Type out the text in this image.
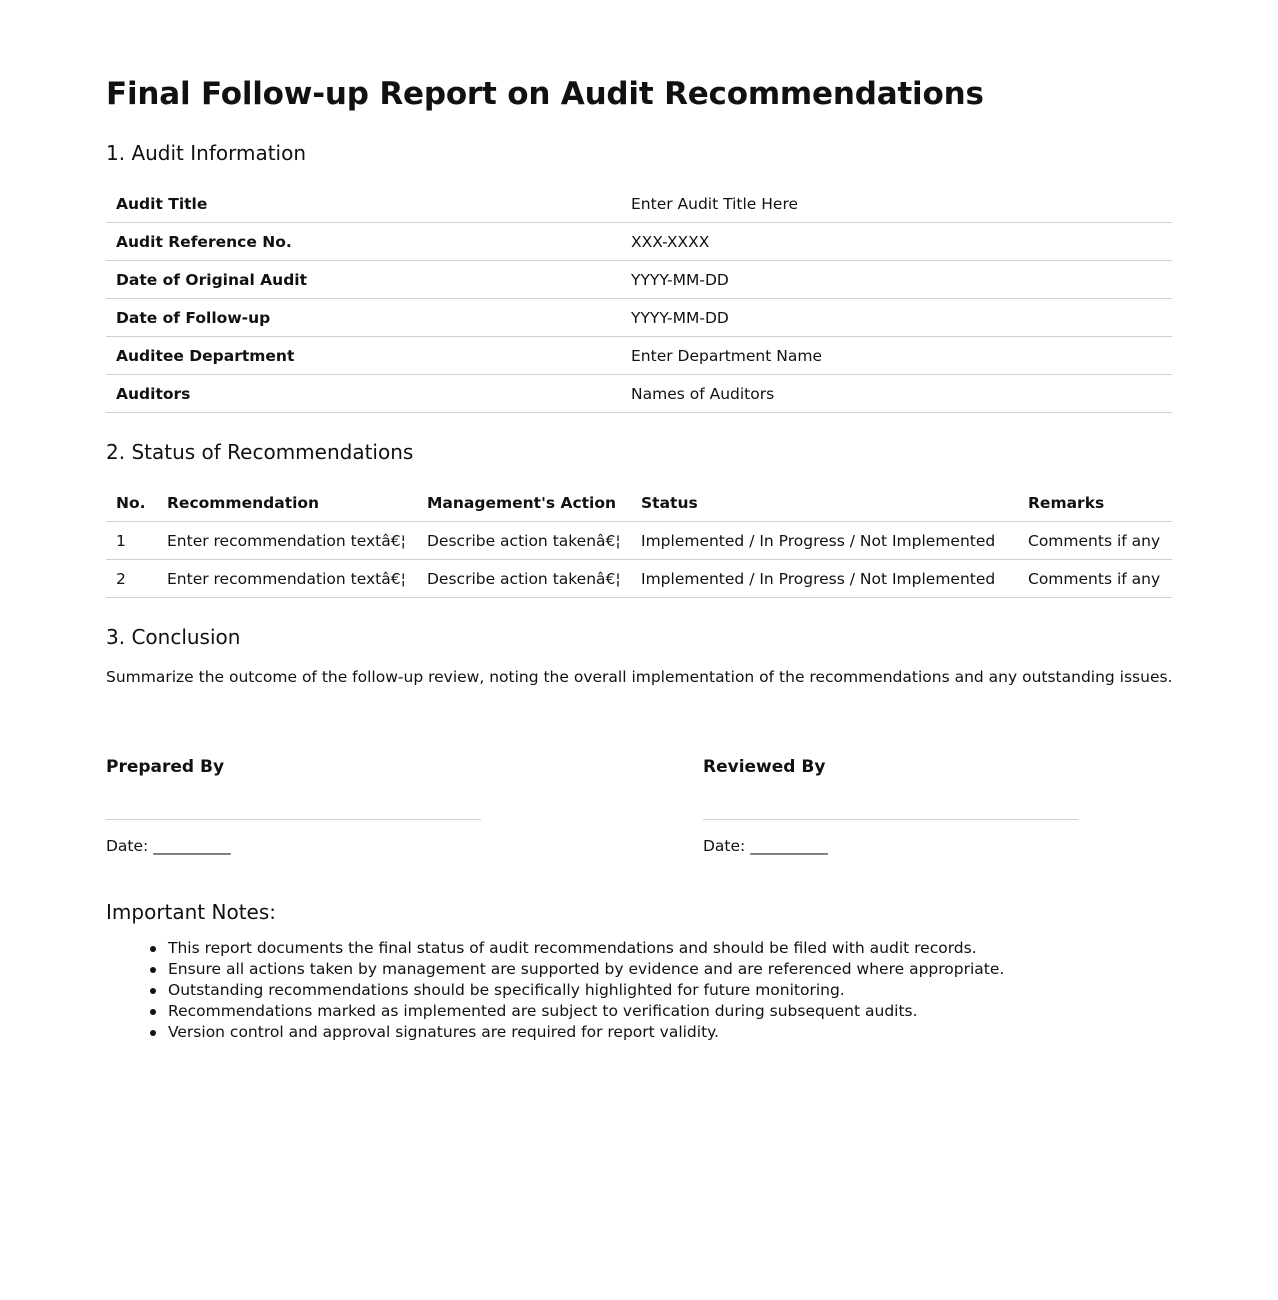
Final Follow-up Report on Audit Recommendations
1. Audit Information
Audit Title	Enter Audit Title Here
Audit Reference No.	XXX-XXXX
Date of Original Audit	YYYY-MM-DD
Date of Follow-up	YYYY-MM-DD
Auditee Department	Enter Department Name
Auditors	Names of Auditors
2. Status of Recommendations
No.	Recommendation	Management's Action	Status	Remarks
1	Enter recommendation textâ€¦	Describe action takenâ€¦	Implemented / In Progress / Not Implemented	Comments if any
2	Enter recommendation textâ€¦	Describe action takenâ€¦	Implemented / In Progress / Not Implemented	Comments if any
3. Conclusion
Summarize the outcome of the follow-up review, noting the overall implementation of the recommendations and any outstanding issues.
Prepared By
Date: __________
Reviewed By
Date: __________
Important Notes:
This report documents the final status of audit recommendations and should be filed with audit records.
Ensure all actions taken by management are supported by evidence and are referenced where appropriate.
Outstanding recommendations should be specifically highlighted for future monitoring.
Recommendations marked as implemented are subject to verification during subsequent audits.
Version control and approval signatures are required for report validity.
